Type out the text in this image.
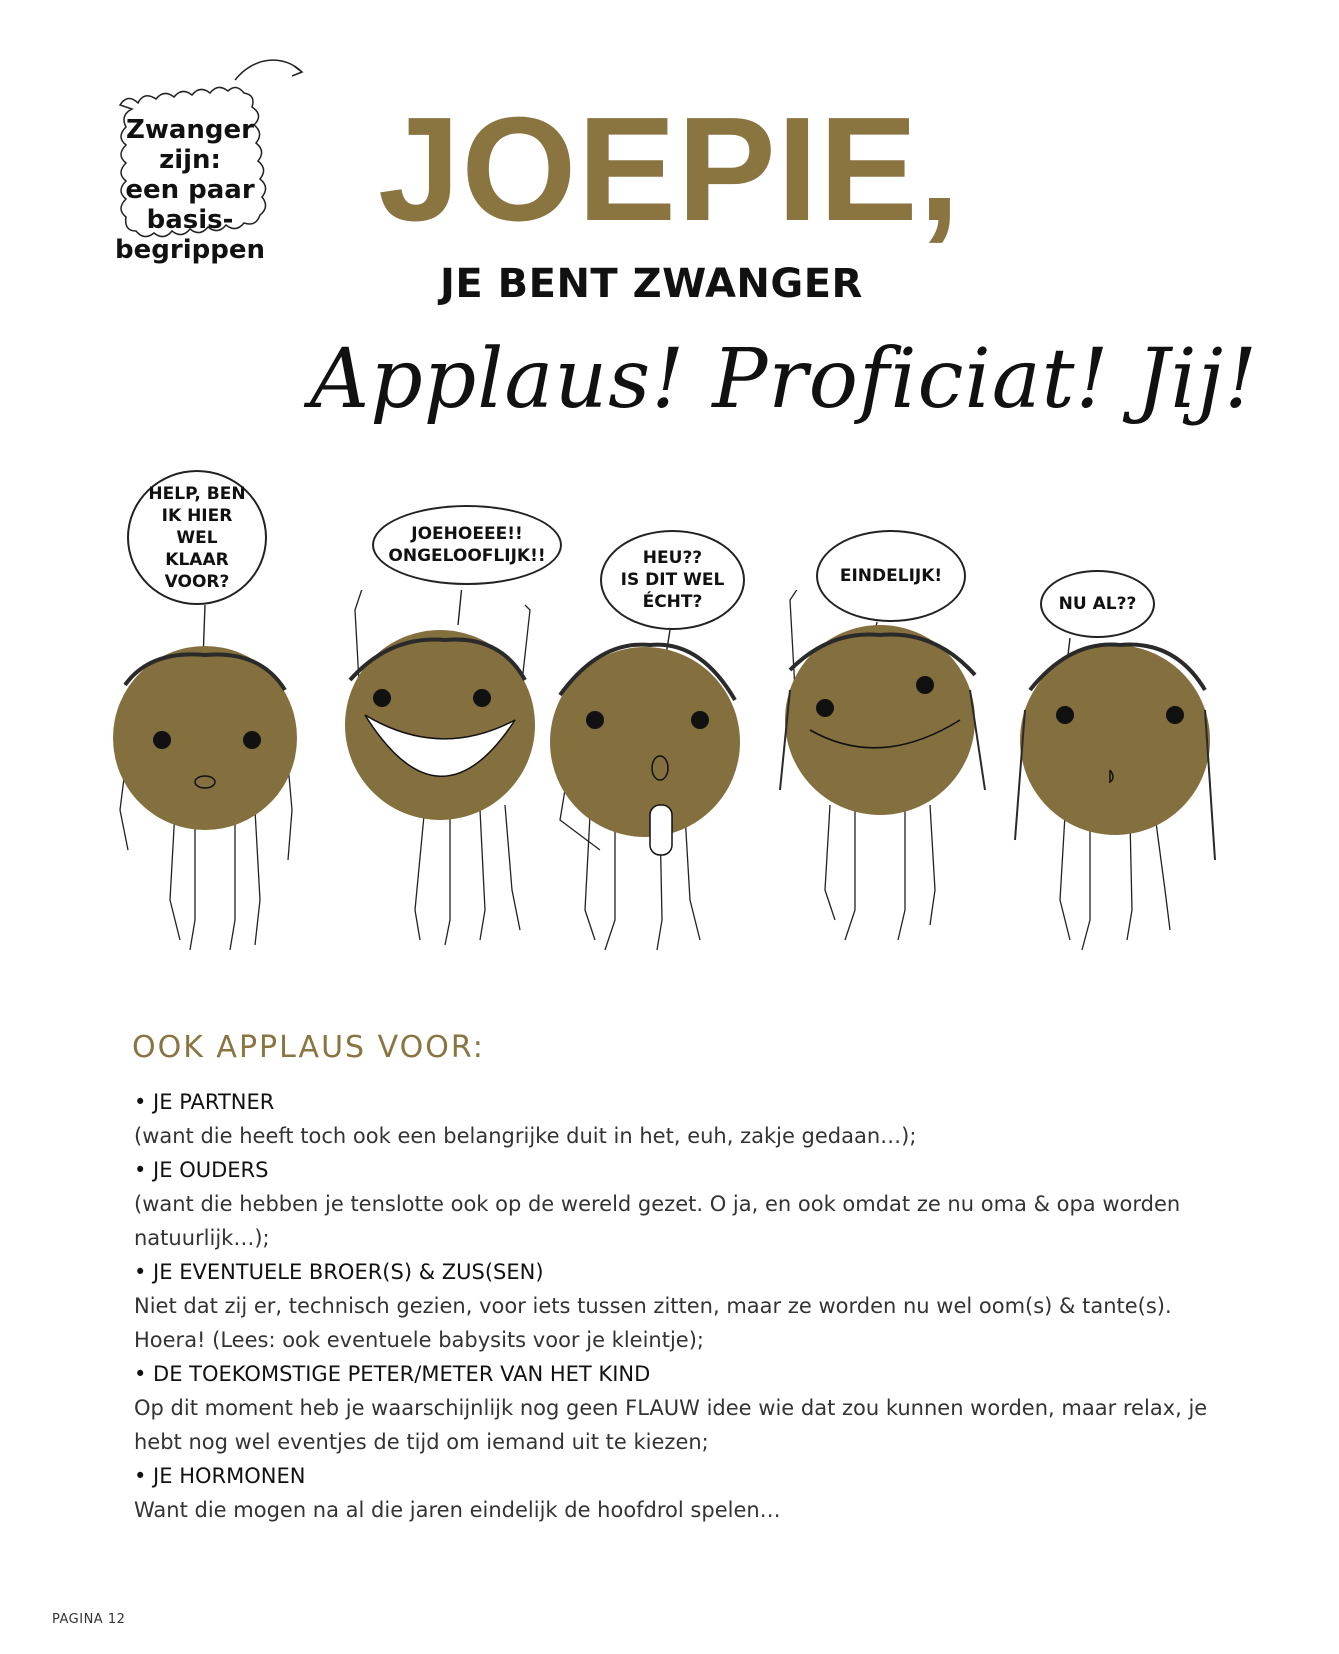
Zwanger
zijn:
een paar
basis-
begrippen JOEPIE,
JE BENT ZWANGER
Applaus! Proficiat! Jij!
HELP, BEN
IK HIER
WEL
KLAAR
VOOR?
JOEHOEEE!!
ONGELOOFLIJK!!	HEU??
IS DIT WEL
ÉCHT?
EINDELIJK!
NU AL??
OOK APPLAUS VOOR:
• JE PARTNER
(want die heeft toch ook een belangrijke duit in het, euh, zakje gedaan…);
• JE OUDERS
(want die hebben je tenslotte ook op de wereld gezet. O ja, en ook omdat ze nu oma & opa worden natuurlijk…);
• JE EVENTUELE BROER(S) & ZUS(SEN)
Niet dat zij er, technisch gezien, voor iets tussen zitten, maar ze worden nu wel oom(s) & tante(s). Hoera! (Lees: ook eventuele babysits voor je kleintje);
• DE TOEKOMSTIGE PETER/METER VAN HET KIND
Op dit moment heb je waarschijnlijk nog geen FLAUW idee wie dat zou kunnen worden, maar relax, je hebt nog wel eventjes de tijd om iemand uit te kiezen;
• JE HORMONEN
Want die mogen na al die jaren eindelijk de hoofdrol spelen…
PAGINA 12
